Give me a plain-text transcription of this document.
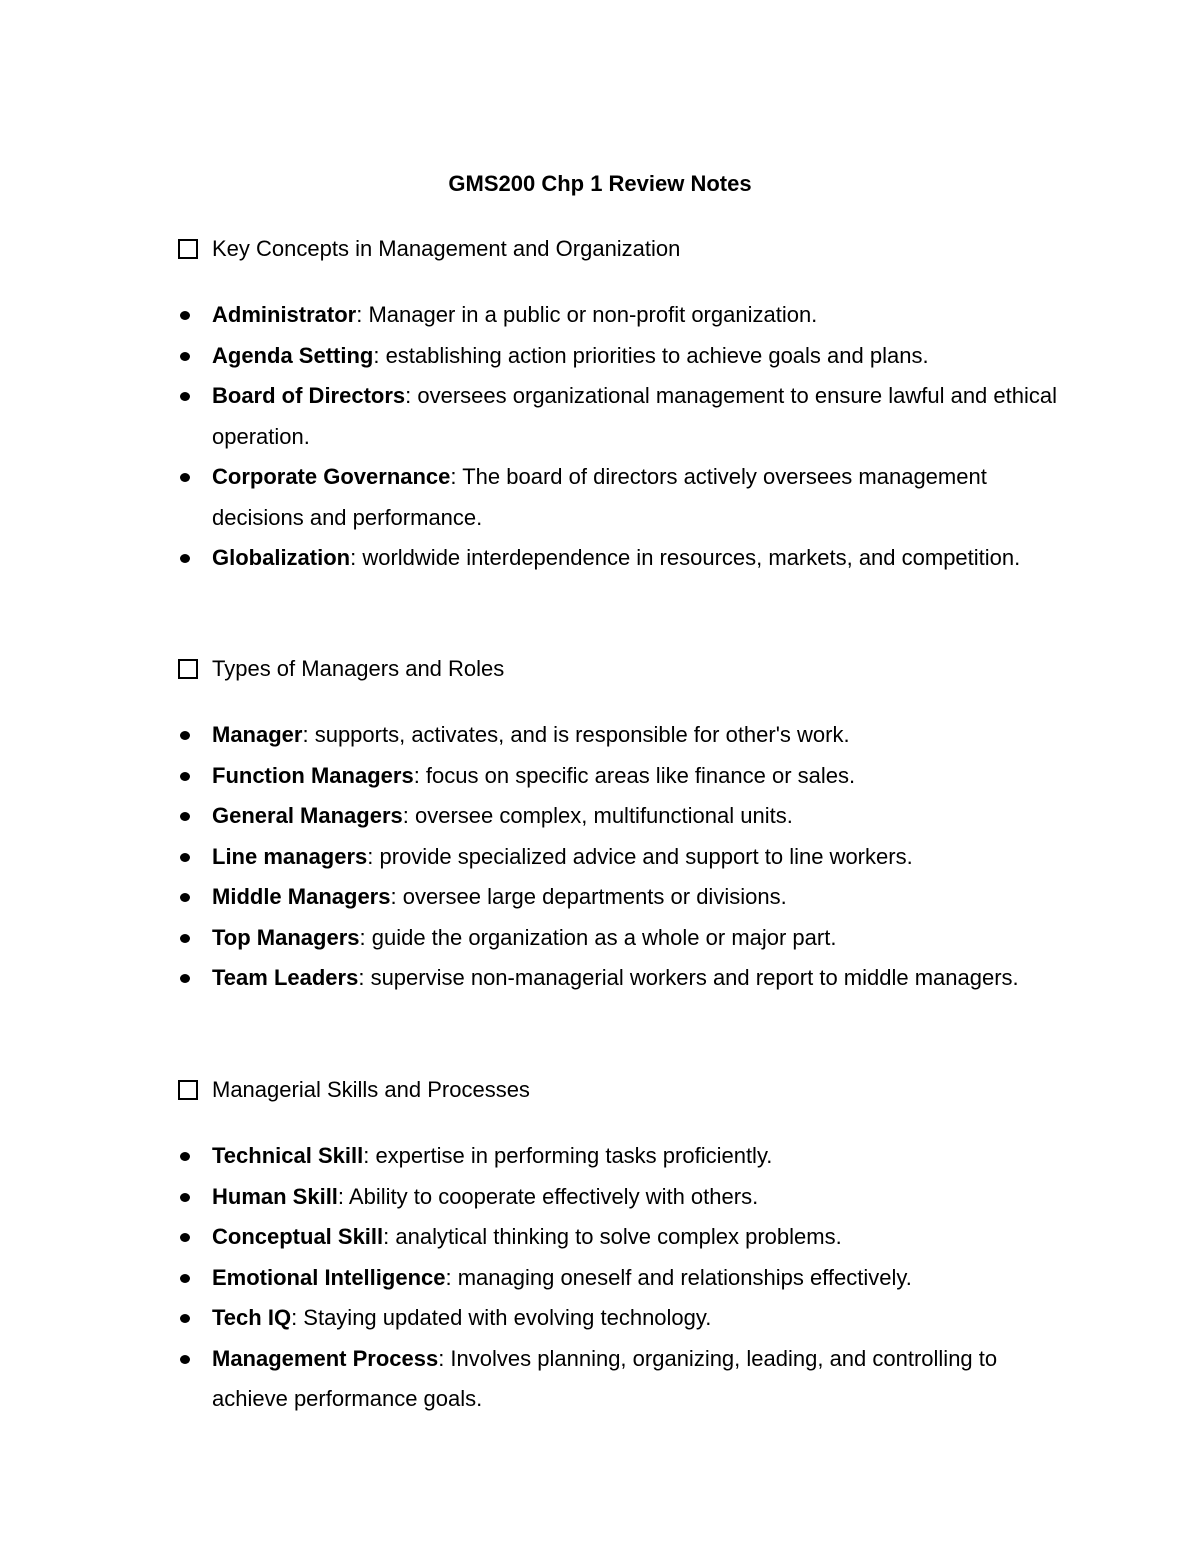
GMS200 Chp 1 Review Notes
Key Concepts in Management and Organization
Administrator: Manager in a public or non-profit organization.
Agenda Setting: establishing action priorities to achieve goals and plans.
Board of Directors: oversees organizational management to ensure lawful and ethical operation.
Corporate Governance: The board of directors actively oversees management decisions and performance.
Globalization: worldwide interdependence in resources, markets, and competition.
Types of Managers and Roles
Manager: supports, activates, and is responsible for other's work.
Function Managers: focus on specific areas like finance or sales.
General Managers: oversee complex, multifunctional units.
Line managers: provide specialized advice and support to line workers.
Middle Managers: oversee large departments or divisions.
Top Managers: guide the organization as a whole or major part.
Team Leaders: supervise non-managerial workers and report to middle managers.
Managerial Skills and Processes
Technical Skill: expertise in performing tasks proficiently.
Human Skill: Ability to cooperate effectively with others.
Conceptual Skill: analytical thinking to solve complex problems.
Emotional Intelligence: managing oneself and relationships effectively.
Tech IQ: Staying updated with evolving technology.
Management Process: Involves planning, organizing, leading, and controlling to achieve performance goals.
